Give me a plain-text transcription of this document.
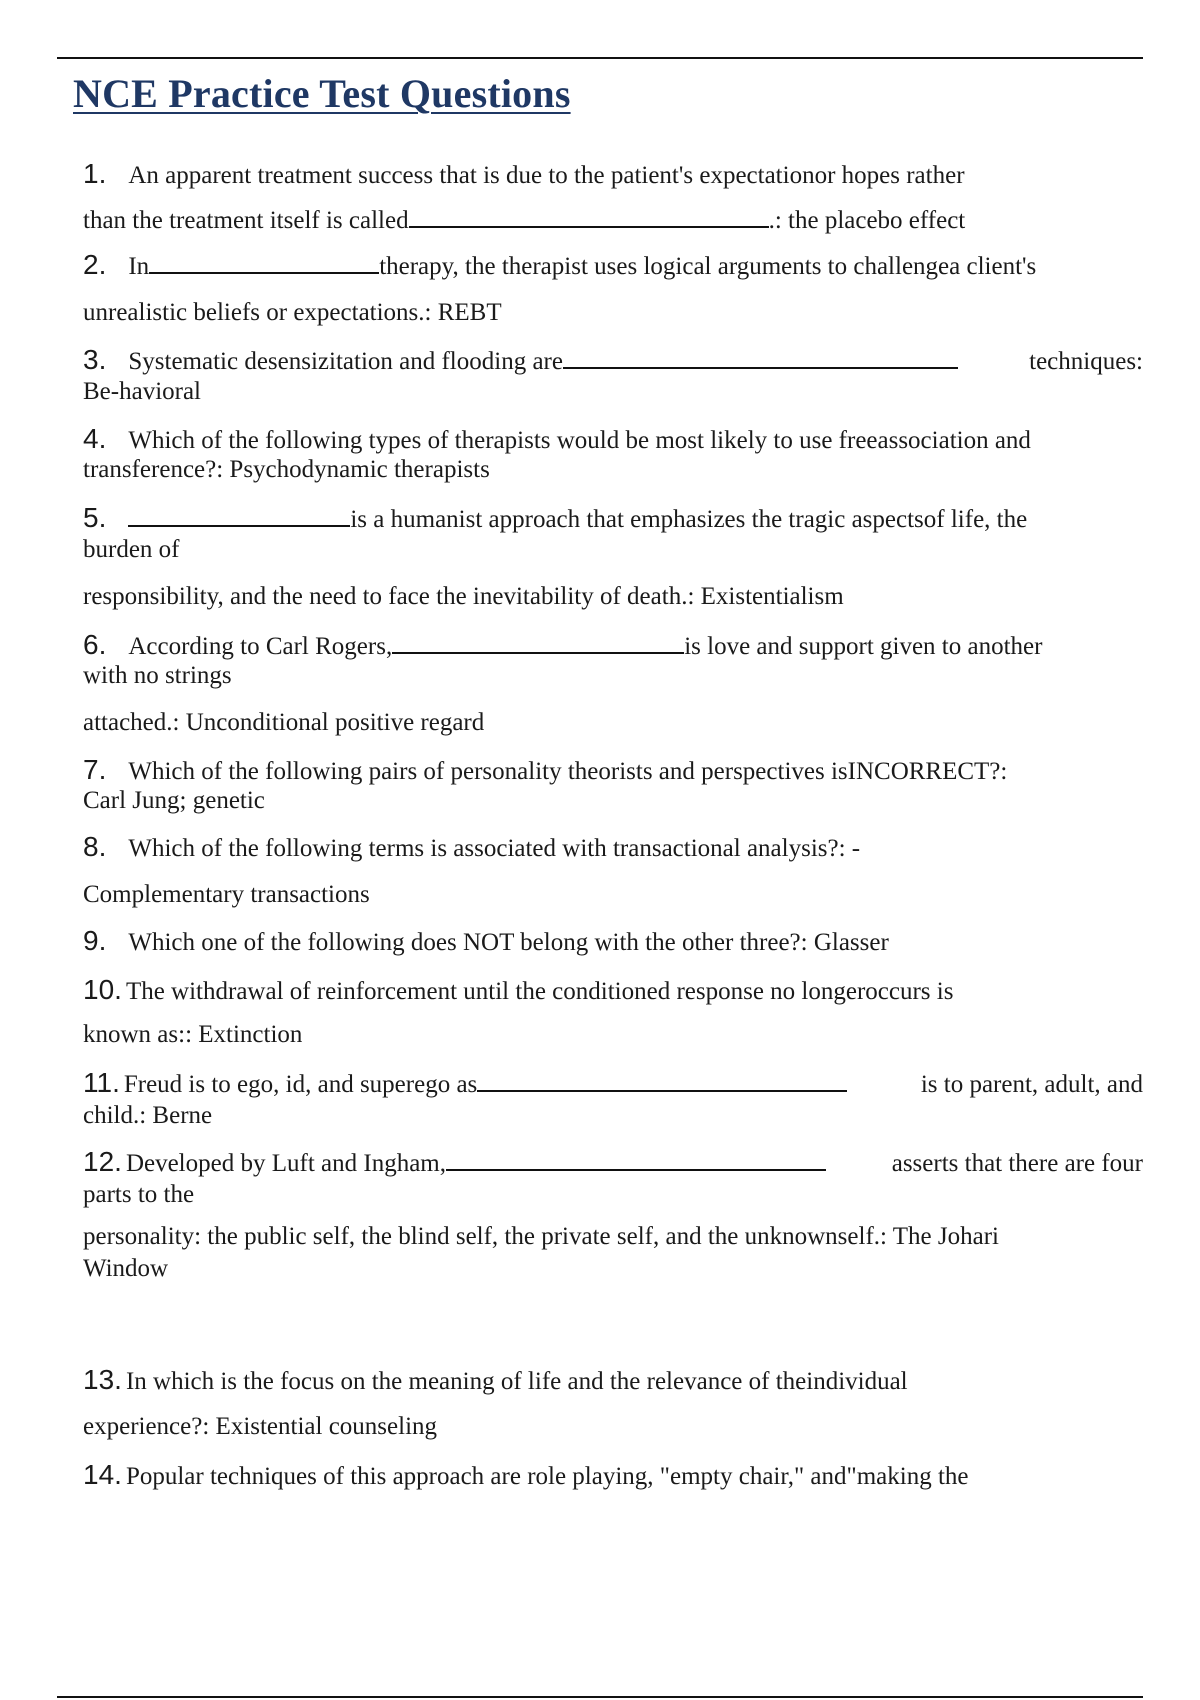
NCE Practice Test Questions
1. An apparent treatment success that is due to the patient's expectationor hopes rather
than the treatment itself is called	.: the placebo effect
2. In	therapy, the therapist uses logical arguments to challengea client's
unrealistic beliefs or expectations.: REBT
3. Systematic desensizitation and flooding are	techniques:
Be-havioral
4. Which of the following types of therapists would be most likely to use freeassociation and
transference?: Psychodynamic therapists
5.	is a humanist approach that emphasizes the tragic aspectsof life, the
burden of
responsibility, and the need to face the inevitability of death.: Existentialism
6. According to Carl Rogers,	is love and support given to another
with no strings
attached.: Unconditional positive regard
7. Which of the following pairs of personality theorists and perspectives isINCORRECT?:
Carl Jung; genetic
8. Which of the following terms is associated with transactional analysis?: -
Complementary transactions
9. Which one of the following does NOT belong with the other three?: Glasser
10. The withdrawal of reinforcement until the conditioned response no longeroccurs is
known as:: Extinction
11. Freud is to ego, id, and superego as	is to parent, adult, and
child.: Berne
12. Developed by Luft and Ingham,	asserts that there are four
parts to the
personality: the public self, the blind self, the private self, and the unknownself.: The Johari
Window
13. In which is the focus on the meaning of life and the relevance of theindividual
experience?: Existential counseling
14. Popular techniques of this approach are role playing, "empty chair," and"making the
